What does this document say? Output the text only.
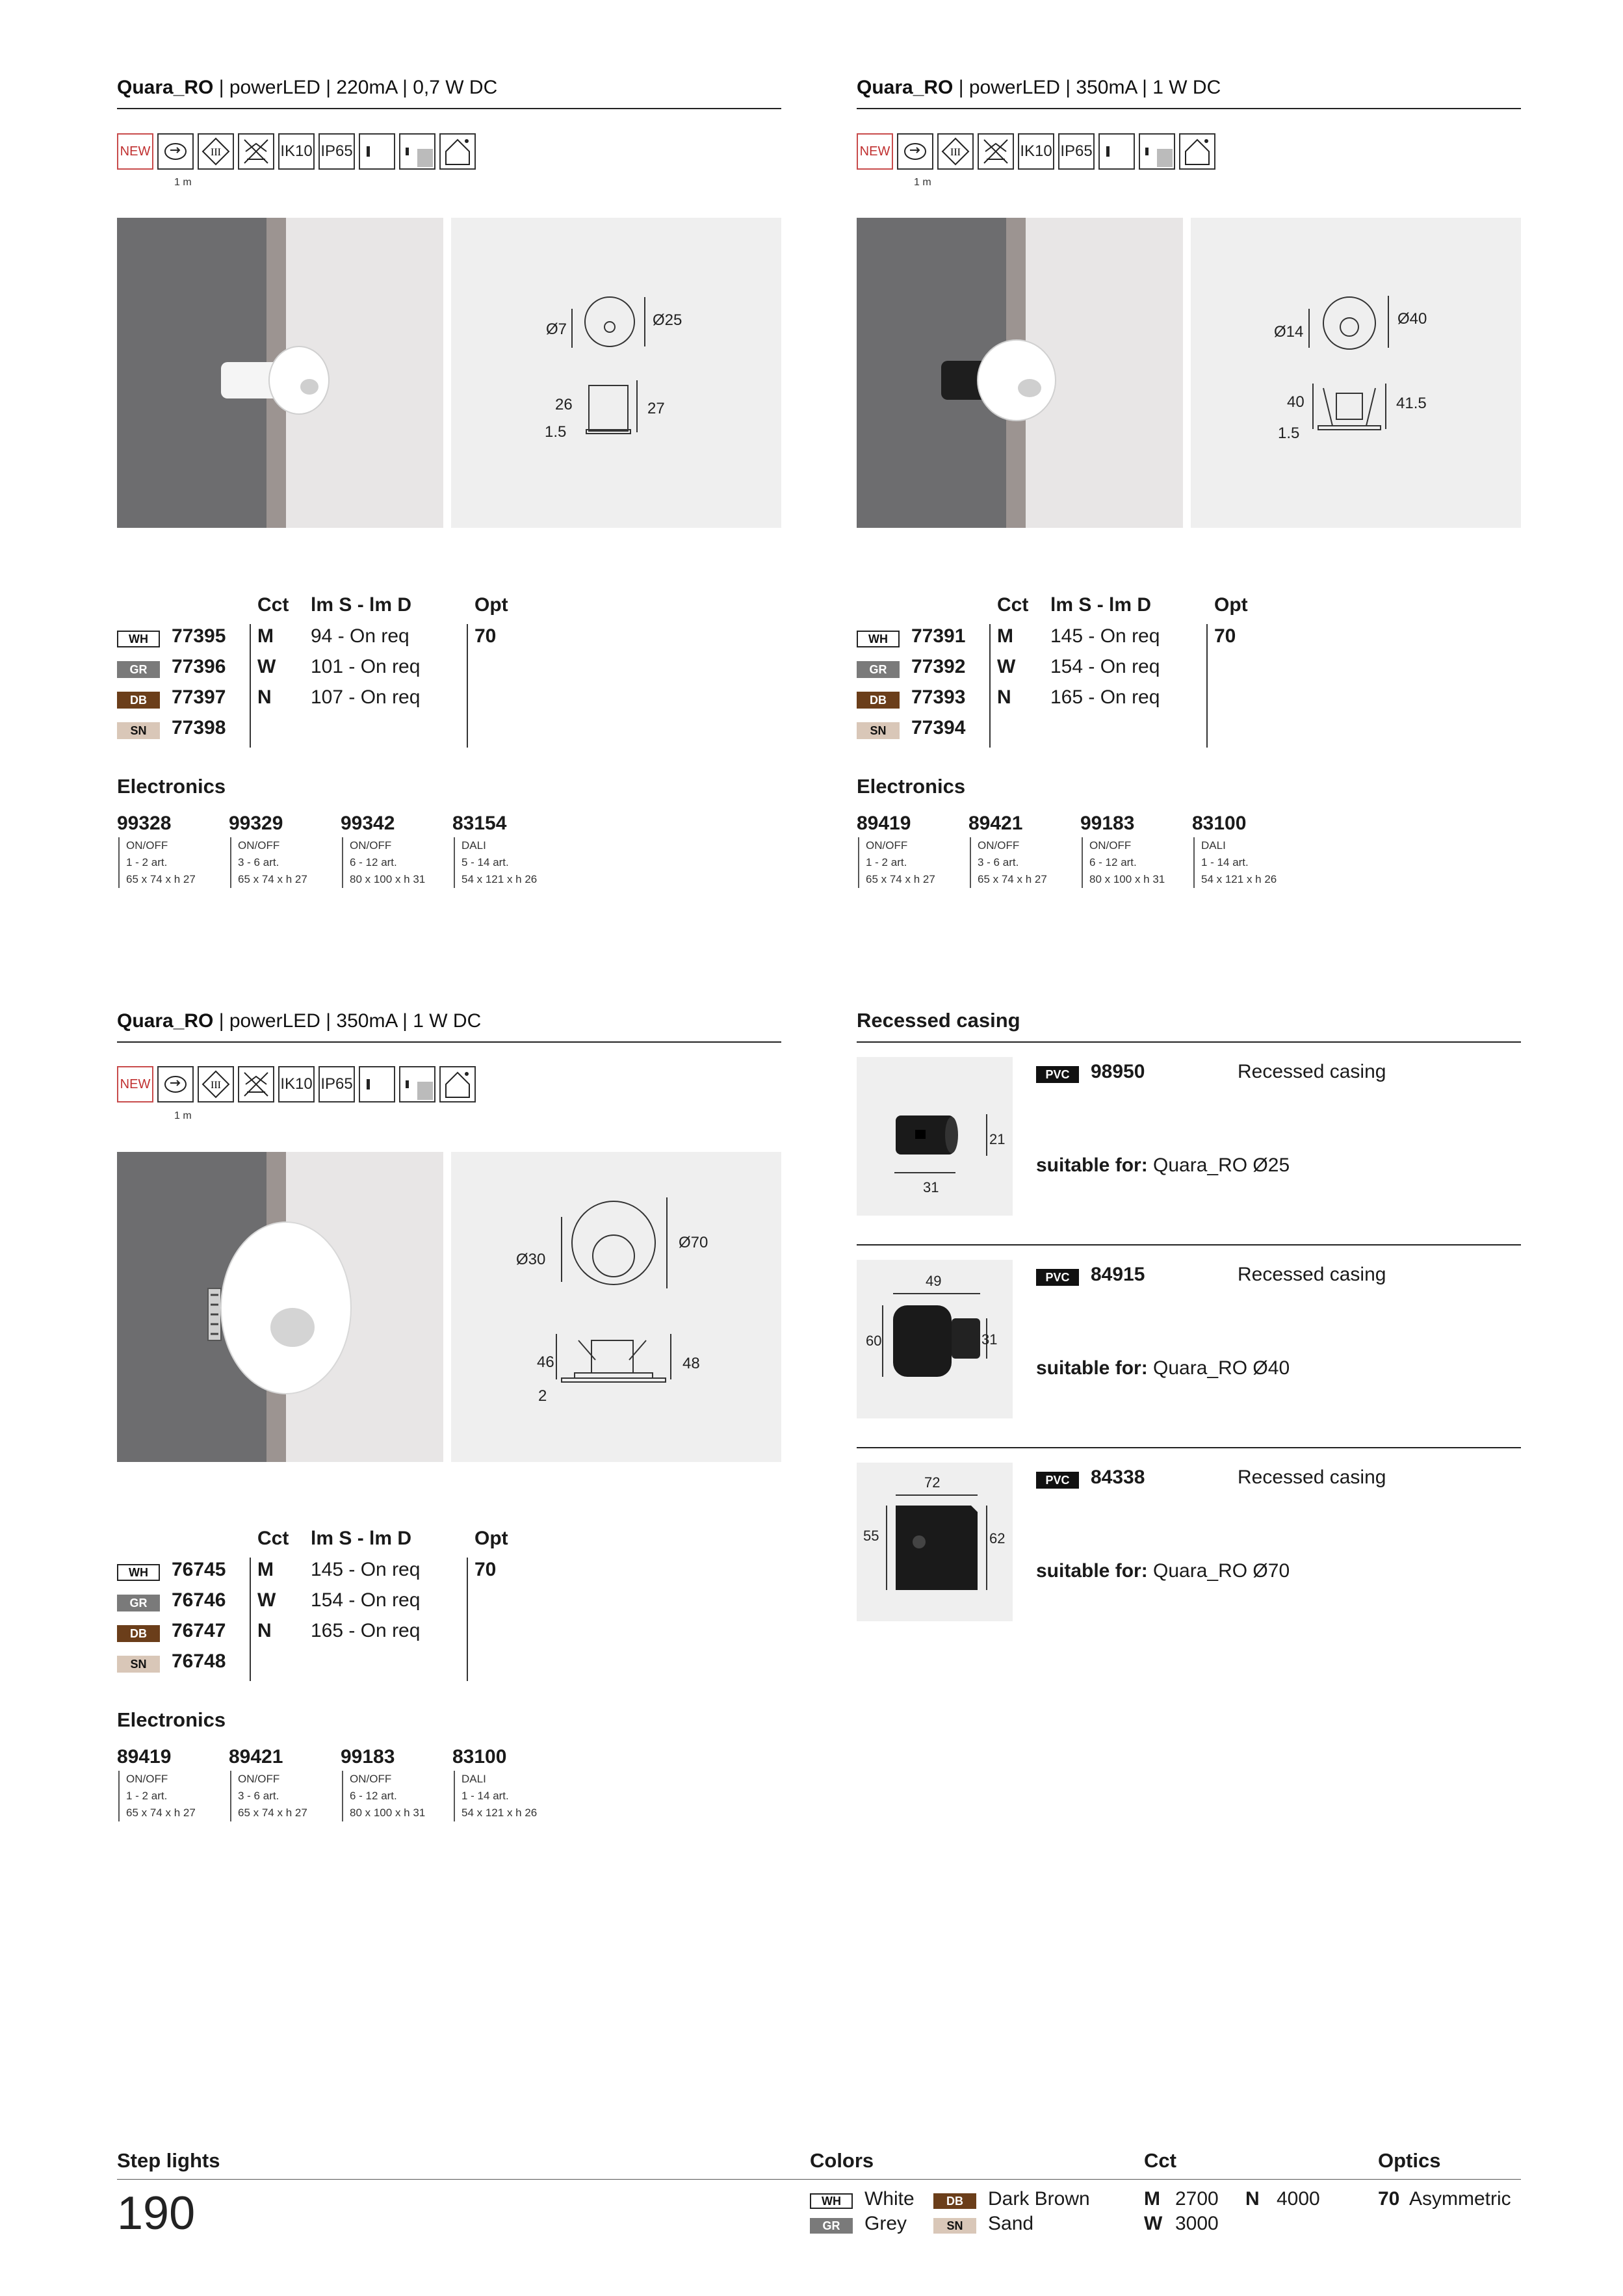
Quara_RO | powerLED | 220mA | 0,7 W DC
NEW	III	IK10 IP65
1 m
Ø7
Ø25
26	27
1.5
Cct lm S - lm D	Opt
WH	77395 M 94 - On req	70
GR	77396 W 101 - On req
DB	77397 N 107 - On req
SN	77398
Electronics
99328
ON/OFF
1 - 2 art.
65 x 74 x h 27
99329
ON/OFF
3 - 6 art.
65 x 74 x h 27
99342
ON/OFF
6 - 12 art.
80 x 100 x h 31
83154
DALI
5 - 14 art.
54 x 121 x h 26
Quara_RO | powerLED | 350mA | 1 W DC
NEW	III	IK10 IP65
1 m
Ø14
Ø40
40	41.5
1.5
Cct lm S - lm D	Opt
WH	77391 M 145 - On req	70
GR	77392 W 154 - On req
DB	77393 N 165 - On req
SN	77394
Electronics
89419
ON/OFF
1 - 2 art.
65 x 74 x h 27
89421
ON/OFF
3 - 6 art.
65 x 74 x h 27
99183
ON/OFF
6 - 12 art.
80 x 100 x h 31
83100
DALI
1 - 14 art.
54 x 121 x h 26
Quara_RO | powerLED | 350mA | 1 W DC
NEW	III	IK10 IP65
1 m
Ø30
Ø70
46	48
2
Cct lm S - lm D	Opt
WH	76745 M 145 - On req	70
GR	76746 W 154 - On req
DB	76747 N 165 - On req
SN	76748
Electronics
89419
ON/OFF
1 - 2 art.
65 x 74 x h 27
89421
ON/OFF
3 - 6 art.
65 x 74 x h 27
99183
ON/OFF
6 - 12 art.
80 x 100 x h 31
83100
DALI
1 - 14 art.
54 x 121 x h 26
Recessed casing
31
21
PVC	98950	Recessed casing
suitable for: Quara_RO Ø25
49
60	31
PVC	84915	Recessed casing
suitable for: Quara_RO Ø40
72
55	62
PVC	84338	Recessed casing
suitable for: Quara_RO Ø70
Step lights	Colors	Cct	Optics
190	WH	White	DB	Dark Brown
GR	Grey	SN	Sand
M 2700 N 4000
W 3000
70 Asymmetric
